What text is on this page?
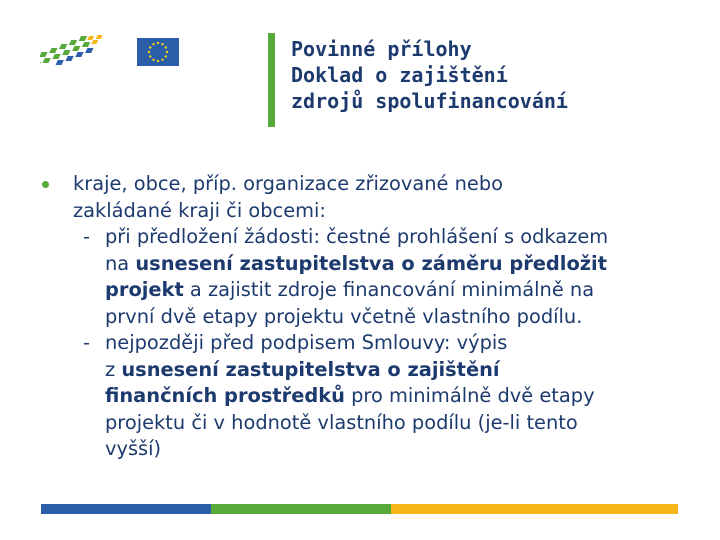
Povinné přílohy
Doklad o zajištění
zdrojů spolufinancování
kraje, obce, příp. organizace zřizované nebo
zakládané kraji či obcemi:
- při předložení žádosti: čestné prohlášení s odkazem
na usnesení zastupitelstva o záměru předložit
projekt a zajistit zdroje financování minimálně na
první dvě etapy projektu včetně vlastního podílu.
- nejpozději před podpisem Smlouvy: výpis
z usnesení zastupitelstva o zajištění
finančních prostředků pro minimálně dvě etapy
projektu či v hodnotě vlastního podílu (je-li tento
vyšší)
